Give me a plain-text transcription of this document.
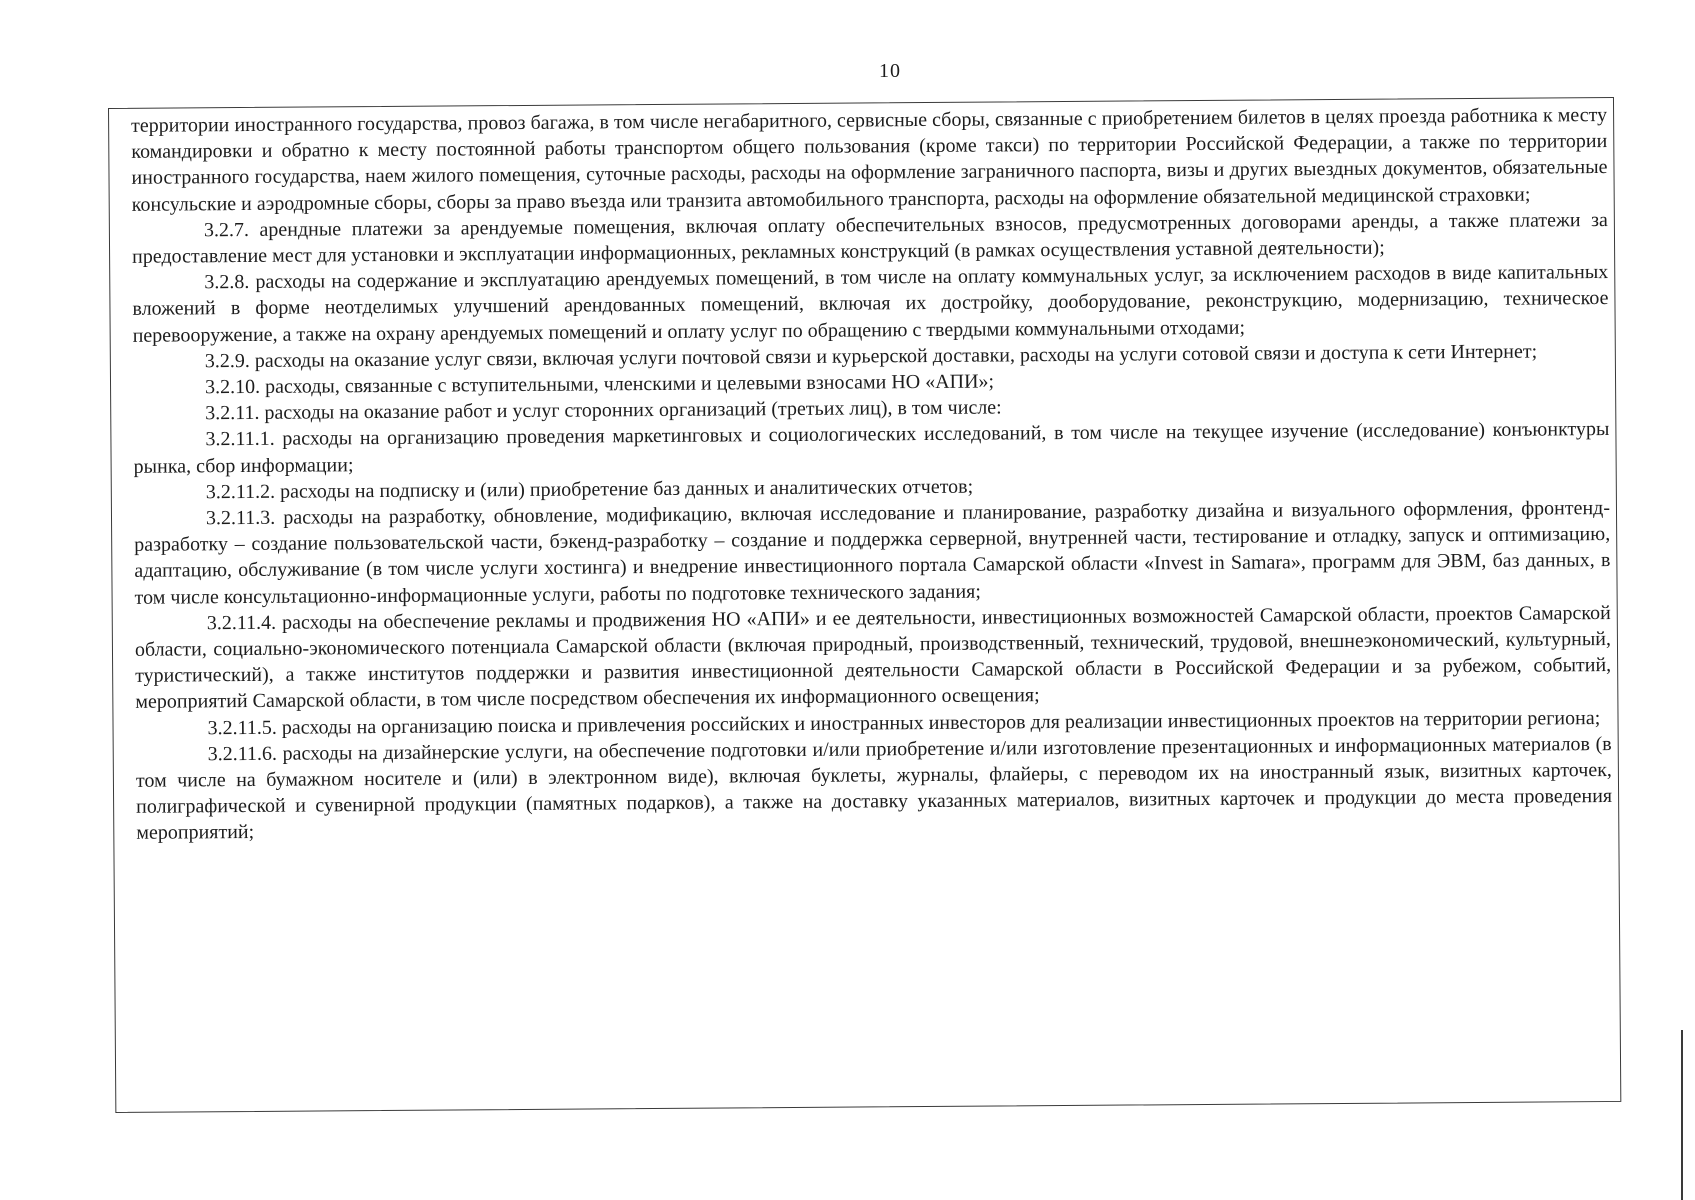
10

территории иностранного государства, провоз багажа, в том числе негабаритного, сервисные сборы, связанные с приобретением билетов в целях проезда работника к месту командировки и обратно к месту постоянной работы транспортом общего пользования (кроме такси) по территории Российской Федерации, а также по территории иностранного государства, наем жилого помещения, суточные расходы, расходы на оформление заграничного паспорта, визы и других выездных документов, обязательные консульские и аэродромные сборы, сборы за право въезда или транзита автомобильного транспорта, расходы на оформление обязательной медицинской страховки;

3.2.7. арендные платежи за арендуемые помещения, включая оплату обеспечительных взносов, предусмотренных договорами аренды, а также платежи за предоставление мест для установки и эксплуатации информационных, рекламных конструкций (в рамках осуществления уставной деятельности);

3.2.8. расходы на содержание и эксплуатацию арендуемых помещений, в том числе на оплату коммунальных услуг, за исключением расходов в виде капитальных вложений в форме неотделимых улучшений арендованных помещений, включая их достройку, дооборудование, реконструкцию, модернизацию, техническое перевооружение, а также на охрану арендуемых помещений и оплату услуг по обращению с твердыми коммунальными отходами;

3.2.9. расходы на оказание услуг связи, включая услуги почтовой связи и курьерской доставки, расходы на услуги сотовой связи и доступа к сети Интернет;

3.2.10. расходы, связанные с вступительными, членскими и целевыми взносами НО «АПИ»;

3.2.11. расходы на оказание работ и услуг сторонних организаций (третьих лиц), в том числе:

3.2.11.1. расходы на организацию проведения маркетинговых и социологических исследований, в том числе на текущее изучение (исследование) конъюнктуры рынка, сбор информации;

3.2.11.2. расходы на подписку и (или) приобретение баз данных и аналитических отчетов;

3.2.11.3. расходы на разработку, обновление, модификацию, включая исследование и планирование, разработку дизайна и визуального оформления, фронтенд-разработку – создание пользовательской части, бэкенд-разработку – создание и поддержка серверной, внутренней части, тестирование и отладку, запуск и оптимизацию, адаптацию, обслуживание (в том числе услуги хостинга) и внедрение инвестиционного портала Самарской области «Invest in Samara», программ для ЭВМ, баз данных, в том числе консультационно-информационные услуги, работы по подготовке технического задания;

3.2.11.4. расходы на обеспечение рекламы и продвижения НО «АПИ» и ее деятельности, инвестиционных возможностей Самарской области, проектов Самарской области, социально-экономического потенциала Самарской области (включая природный, производственный, технический, трудовой, внешнеэкономический, культурный, туристический), а также институтов поддержки и развития инвестиционной деятельности Самарской области в Российской Федерации и за рубежом, событий, мероприятий Самарской области, в том числе посредством обеспечения их информационного освещения;

3.2.11.5. расходы на организацию поиска и привлечения российских и иностранных инвесторов для реализации инвестиционных проектов на территории региона;

3.2.11.6. расходы на дизайнерские услуги, на обеспечение подготовки и/или приобретение и/или изготовление презентационных и информационных материалов (в том числе на бумажном носителе и (или) в электронном виде), включая буклеты, журналы, флайеры, с переводом их на иностранный язык, визитных карточек, полиграфической и сувенирной продукции (памятных подарков), а также на доставку указанных материалов, визитных карточек и продукции до места проведения мероприятий;
